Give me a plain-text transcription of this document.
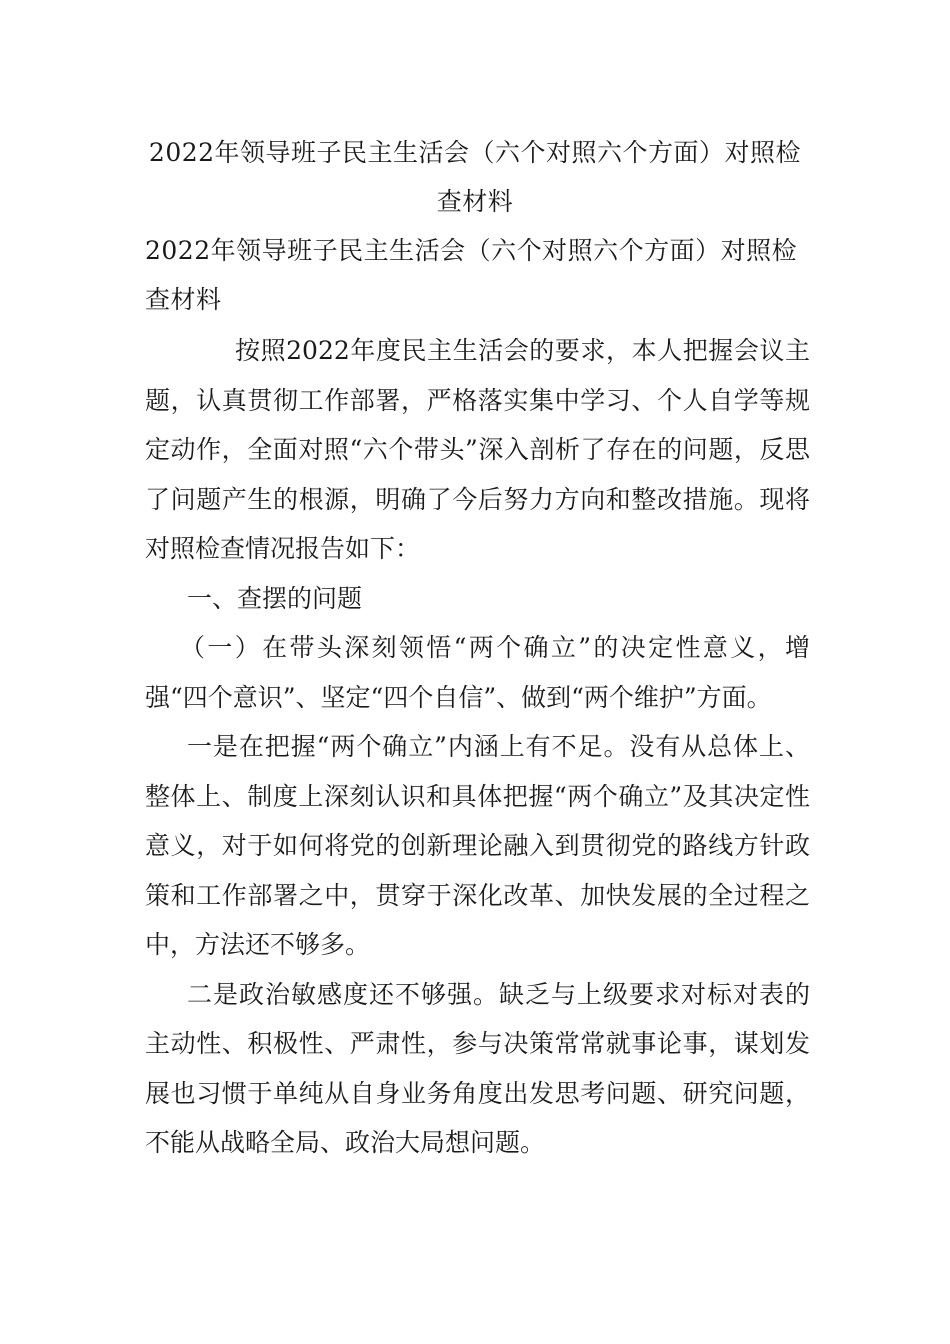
2022年领导班子民主生活会（六个对照六个方面）对照检查材料
2022年领导班子民主生活会（六个对照六个方面）对照检查材料

按照2022年度民主生活会的要求，本人把握会议主题，认真贯彻工作部署，严格落实集中学习、个人自学等规定动作，全面对照“六个带头”深入剖析了存在的问题，反思了问题产生的根源，明确了今后努力方向和整改措施。现将对照检查情况报告如下：

一、查摆的问题

（一）在带头深刻领悟“两个确立”的决定性意义，增强“四个意识”、坚定“四个自信”、做到“两个维护”方面。

一是在把握“两个确立”内涵上有不足。没有从总体上、整体上、制度上深刻认识和具体把握“两个确立”及其决定性意义，对于如何将党的创新理论融入到贯彻党的路线方针政策和工作部署之中，贯穿于深化改革、加快发展的全过程之中，方法还不够多。

二是政治敏感度还不够强。缺乏与上级要求对标对表的主动性、积极性、严肃性，参与决策常常就事论事，谋划发展也习惯于单纯从自身业务角度出发思考问题、研究问题，不能从战略全局、政治大局想问题。
